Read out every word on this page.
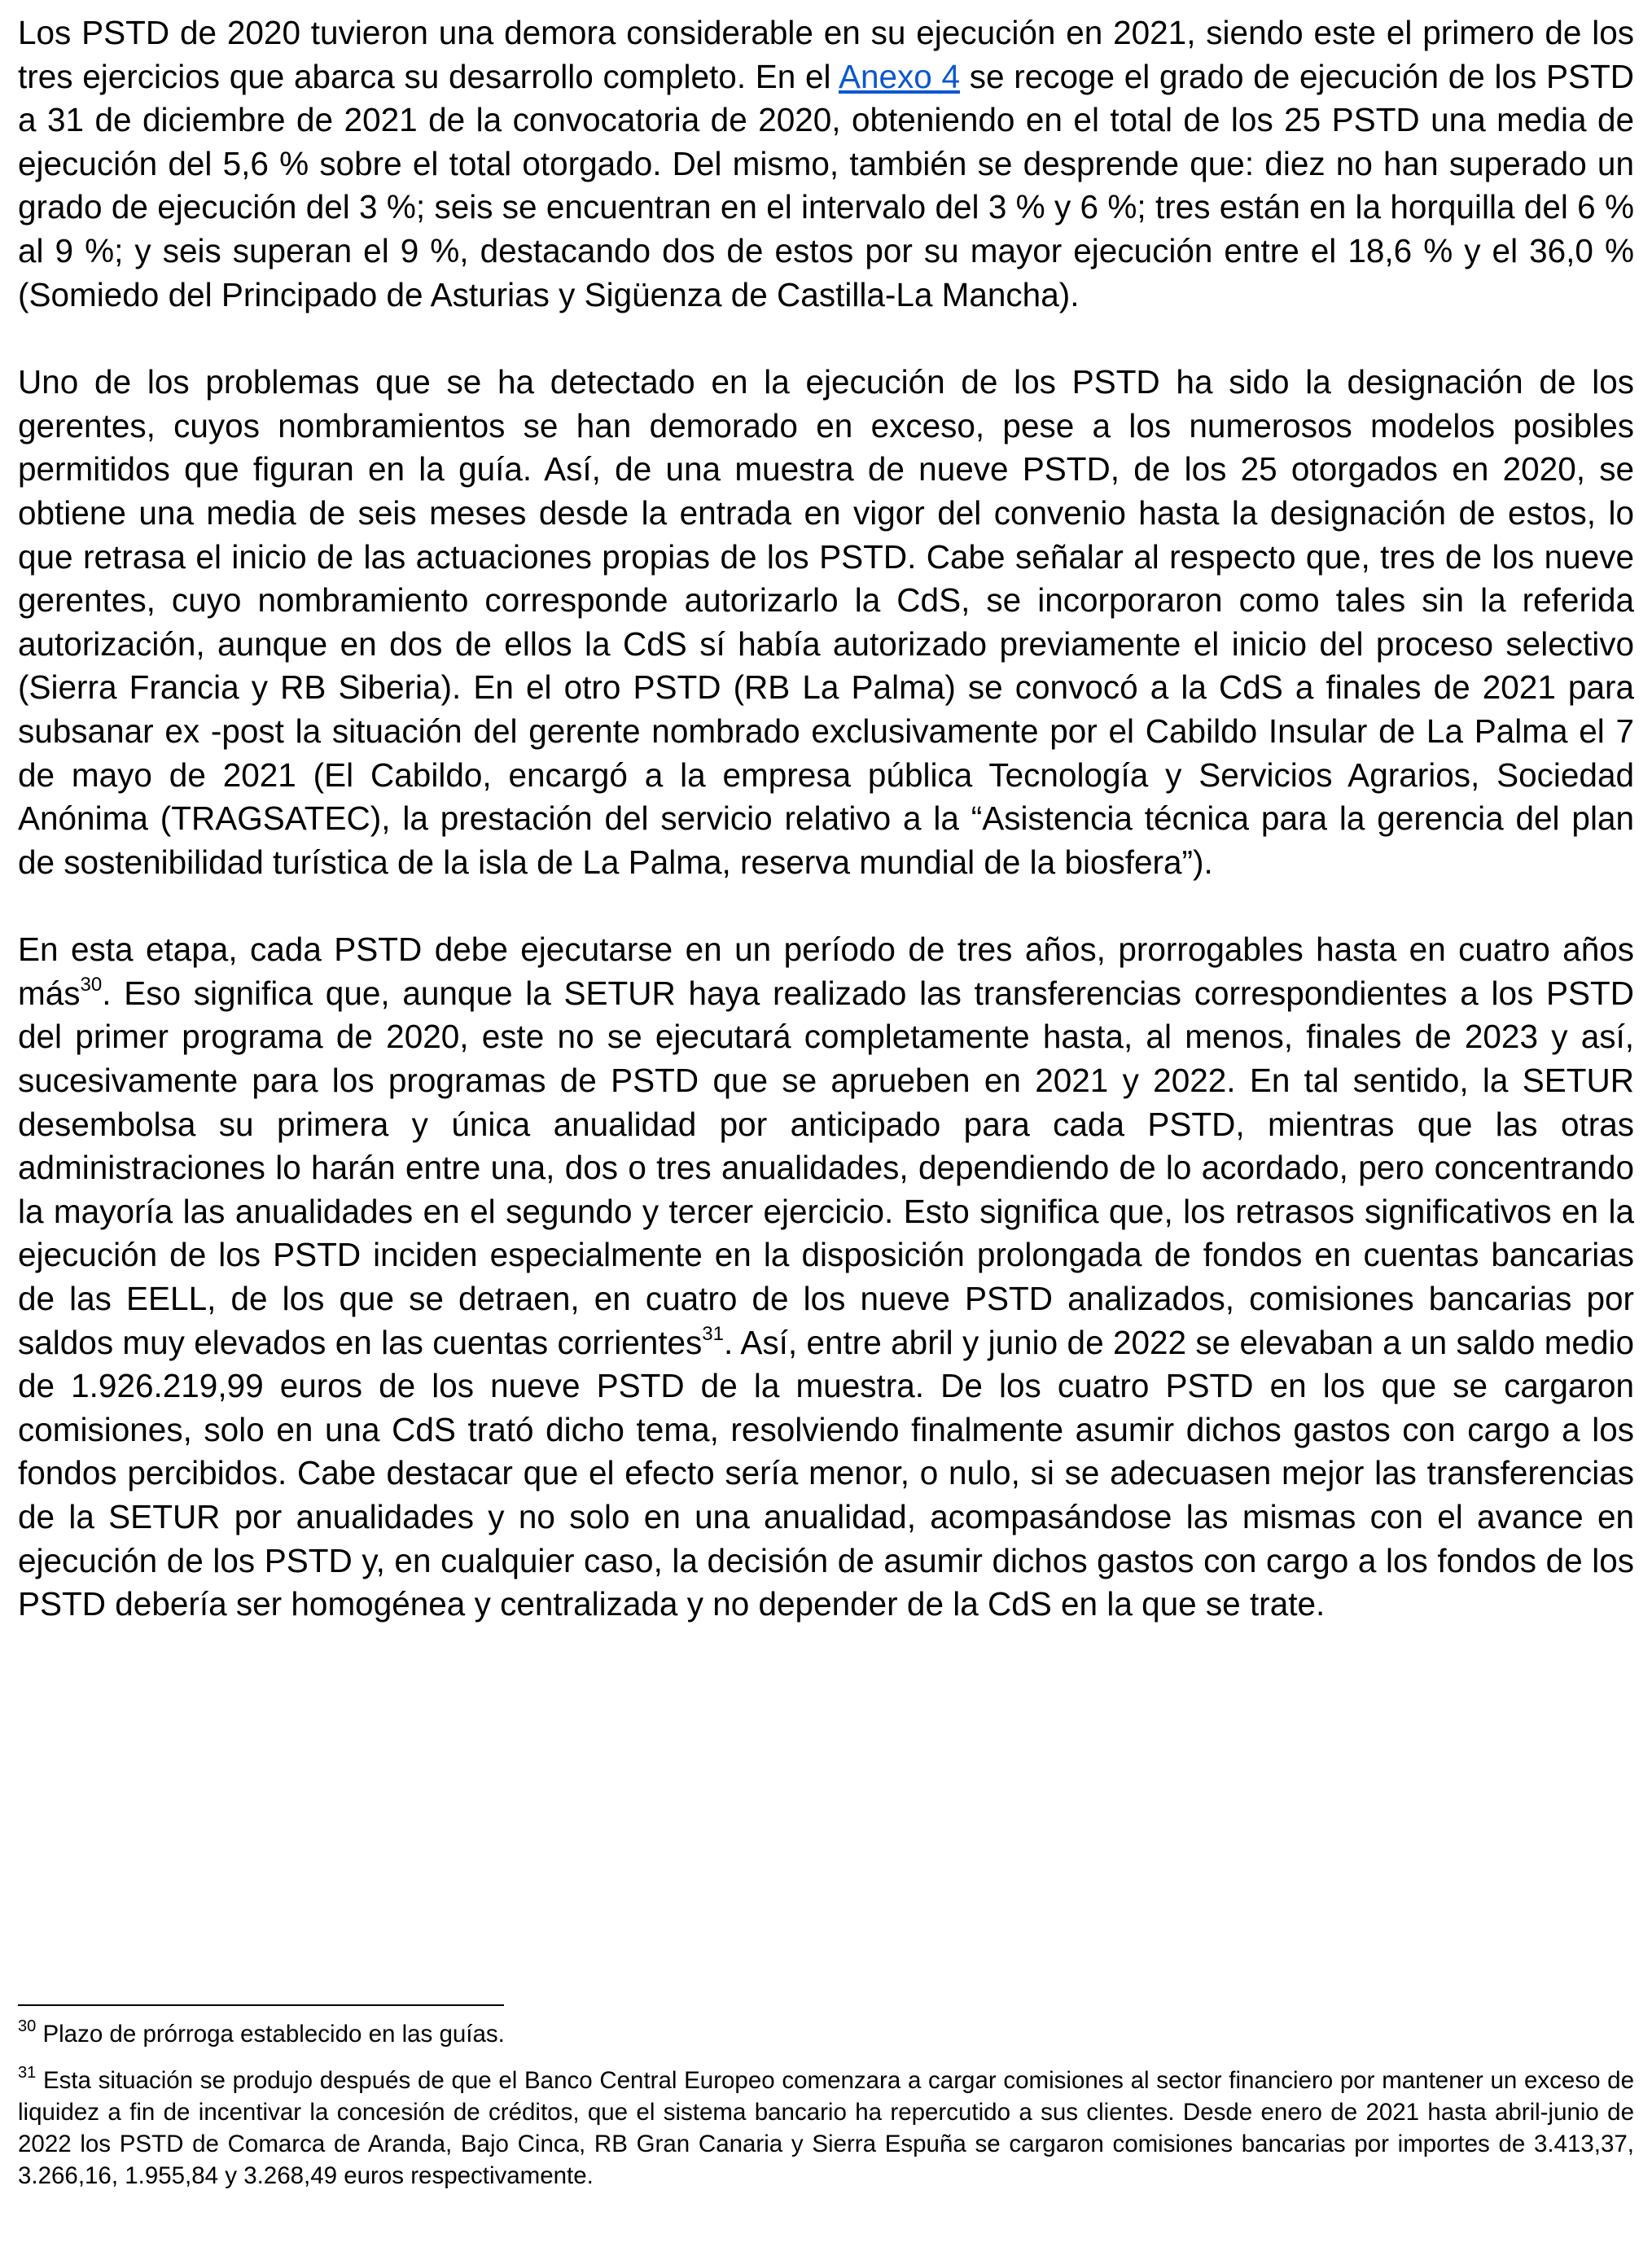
Los PSTD de 2020 tuvieron una demora considerable en su ejecución en 2021, siendo este el primero de los tres ejercicios que abarca su desarrollo completo. En el Anexo 4 se recoge el grado de ejecución de los PSTD a 31 de diciembre de 2021 de la convocatoria de 2020, obteniendo en el total de los 25 PSTD una media de ejecución del 5,6 % sobre el total otorgado. Del mismo, también se desprende que: diez no han superado un grado de ejecución del 3 %; seis se encuentran en el intervalo del 3 % y 6 %; tres están en la horquilla del 6 % al 9 %; y seis superan el 9 %, destacando dos de estos por su mayor ejecución entre el 18,6 % y el 36,0 % (Somiedo del Principado de Asturias y Sigüenza de Castilla-La Mancha).

Uno de los problemas que se ha detectado en la ejecución de los PSTD ha sido la designación de los gerentes, cuyos nombramientos se han demorado en exceso, pese a los numerosos modelos posibles permitidos que figuran en la guía. Así, de una muestra de nueve PSTD, de los 25 otorgados en 2020, se obtiene una media de seis meses desde la entrada en vigor del convenio hasta la designación de estos, lo que retrasa el inicio de las actuaciones propias de los PSTD. Cabe señalar al respecto que, tres de los nueve gerentes, cuyo nombramiento corresponde autorizarlo la CdS, se incorporaron como tales sin la referida autorización, aunque en dos de ellos la CdS sí había autorizado previamente el inicio del proceso selectivo (Sierra Francia y RB Siberia). En el otro PSTD (RB La Palma) se convocó a la CdS a finales de 2021 para subsanar ex -post la situación del gerente nombrado exclusivamente por el Cabildo Insular de La Palma el 7 de mayo de 2021 (El Cabildo, encargó a la empresa pública Tecnología y Servicios Agrarios, Sociedad Anónima (TRAGSATEC), la prestación del servicio relativo a la “Asistencia técnica para la gerencia del plan de sostenibilidad turística de la isla de La Palma, reserva mundial de la biosfera”).

En esta etapa, cada PSTD debe ejecutarse en un período de tres años, prorrogables hasta en cuatro años más$^{30}$. Eso significa que, aunque la SETUR haya realizado las transferencias correspondientes a los PSTD del primer programa de 2020, este no se ejecutará completamente hasta, al menos, finales de 2023 y así, sucesivamente para los programas de PSTD que se aprueben en 2021 y 2022. En tal sentido, la SETUR desembolsa su primera y única anualidad por anticipado para cada PSTD, mientras que las otras administraciones lo harán entre una, dos o tres anualidades, dependiendo de lo acordado, pero concentrando la mayoría las anualidades en el segundo y tercer ejercicio. Esto significa que, los retrasos significativos en la ejecución de los PSTD inciden especialmente en la disposición prolongada de fondos en cuentas bancarias de las EELL, de los que se detraen, en cuatro de los nueve PSTD analizados, comisiones bancarias por saldos muy elevados en las cuentas corrientes$^{31}$. Así, entre abril y junio de 2022 se elevaban a un saldo medio de 1.926.219,99 euros de los nueve PSTD de la muestra. De los cuatro PSTD en los que se cargaron comisiones, solo en una CdS trató dicho tema, resolviendo finalmente asumir dichos gastos con cargo a los fondos percibidos. Cabe destacar que el efecto sería menor, o nulo, si se adecuasen mejor las transferencias de la SETUR por anualidades y no solo en una anualidad, acompasándose las mismas con el avance en ejecución de los PSTD y, en cualquier caso, la decisión de asumir dichos gastos con cargo a los fondos de los PSTD debería ser homogénea y centralizada y no depender de la CdS en la que se trate.

$^{30}$ Plazo de prórroga establecido en las guías.

$^{31}$ Esta situación se produjo después de que el Banco Central Europeo comenzara a cargar comisiones al sector financiero por mantener un exceso de liquidez a fin de incentivar la concesión de créditos, que el sistema bancario ha repercutido a sus clientes. Desde enero de 2021 hasta abril-junio de 2022 los PSTD de Comarca de Aranda, Bajo Cinca, RB Gran Canaria y Sierra Espuña se cargaron comisiones bancarias por importes de 3.413,37, 3.266,16, 1.955,84 y 3.268,49 euros respectivamente.
